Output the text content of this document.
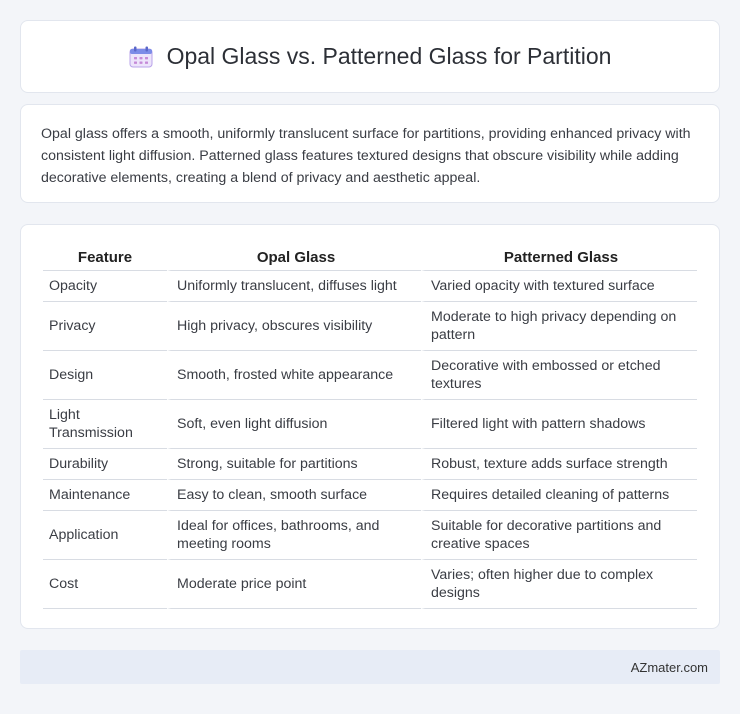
Opal Glass vs. Patterned Glass for Partition

Opal glass offers a smooth, uniformly translucent surface for partitions, providing enhanced privacy with consistent light diffusion. Patterned glass features textured designs that obscure visibility while adding decorative elements, creating a blend of privacy and aesthetic appeal.

Feature	Opal Glass	Patterned Glass
Opacity	Uniformly translucent, diffuses light	Varied opacity with textured surface
Privacy	High privacy, obscures visibility	Moderate to high privacy depending on pattern
Design	Smooth, frosted white appearance	Decorative with embossed or etched textures
Light Transmission	Soft, even light diffusion	Filtered light with pattern shadows
Durability	Strong, suitable for partitions	Robust, texture adds surface strength
Maintenance	Easy to clean, smooth surface	Requires detailed cleaning of patterns
Application	Ideal for offices, bathrooms, and meeting rooms	Suitable for decorative partitions and creative spaces
Cost	Moderate price point	Varies; often higher due to complex designs
AZmater.com
